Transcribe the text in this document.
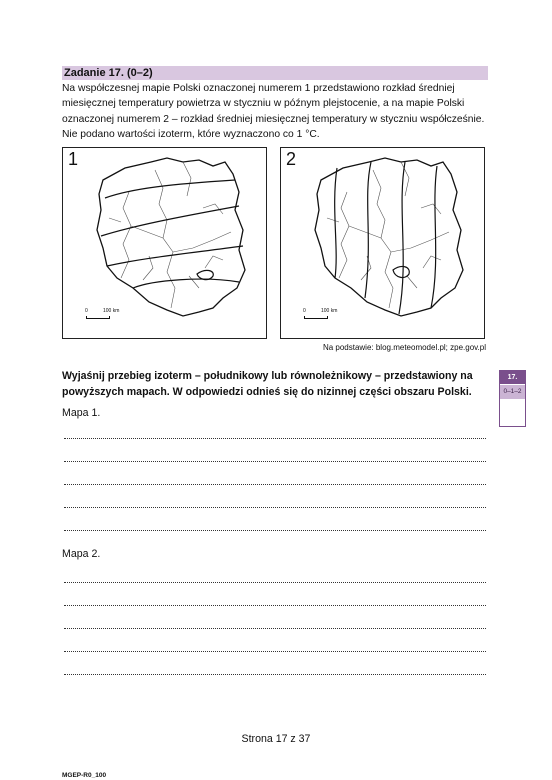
Zadanie 17. (0–2)
Na współczesnej mapie Polski oznaczonej numerem 1 przedstawiono rozkład średniej miesięcznej temperatury powietrza w styczniu w późnym plejstocenie, a na mapie Polski oznaczonej numerem 2 – rozkład średniej miesięcznej temperatury w styczniu współcześnie. Nie podano wartości izoterm, które wyznaczono co 1 °C.
1
0	100 km
2
0	100 km
Na podstawie: blog.meteomodel.pl; zpe.gov.pl
Wyjaśnij przebieg izoterm – południkowy lub równoleżnikowy – przedstawiony na powyższych mapach. W odpowiedzi odnieś się do nizinnej części obszaru Polski.
17.
0–1–2
Mapa 1.
Mapa 2.
Strona 17 z 37
MGEP-R0_100
